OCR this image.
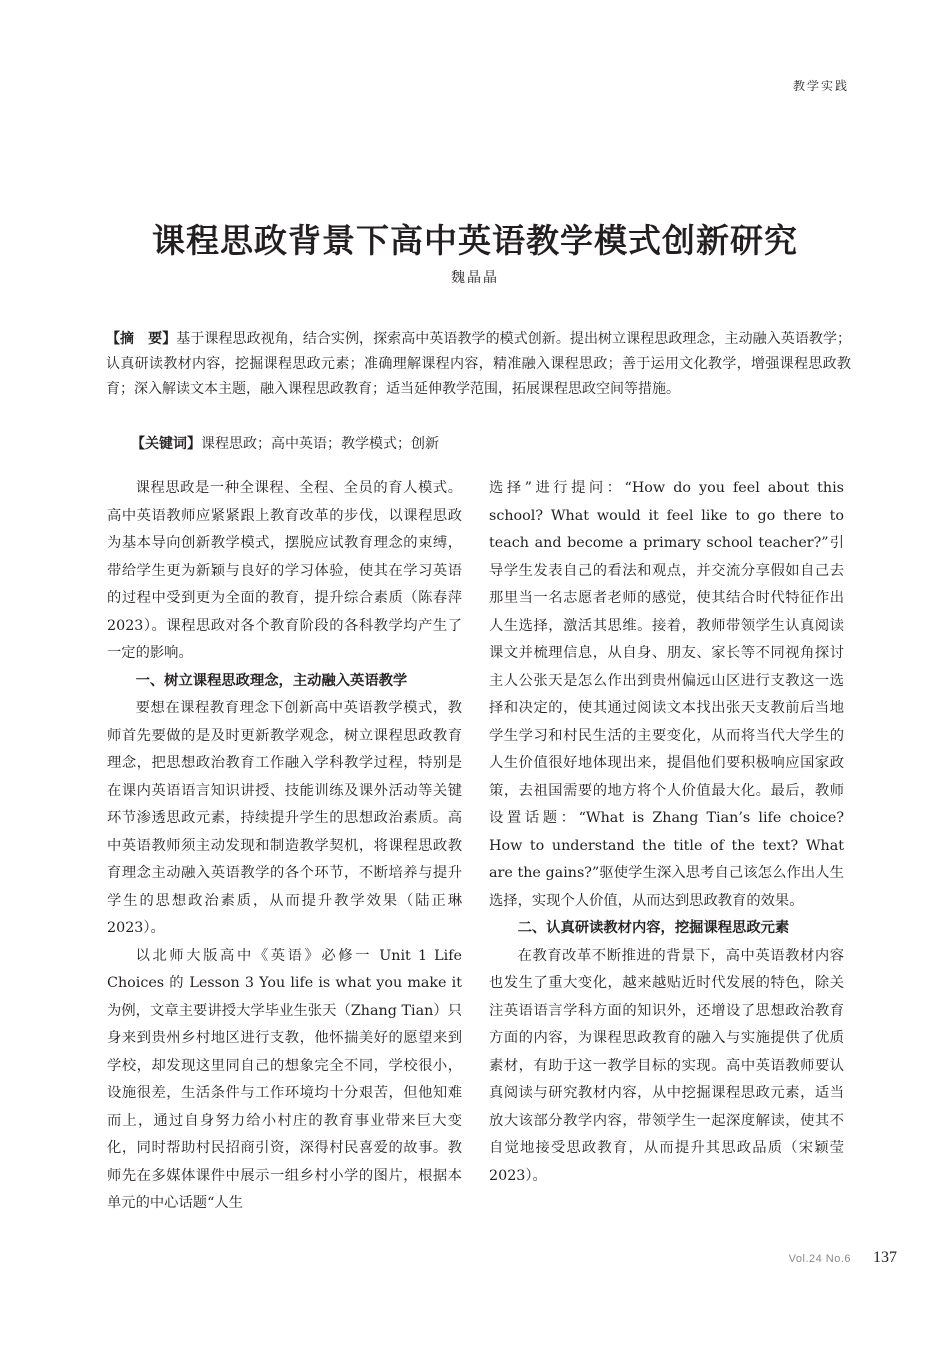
教学实践
课程思政背景下高中英语教学模式创新研究
魏晶晶

【摘　要】基于课程思政视角，结合实例，探索高中英语教学的模式创新。提出树立课程思政理念，主动融入英语教学；认真研读教材内容，挖掘课程思政元素；准确理解课程内容，精准融入课程思政；善于运用文化教学，增强课程思政教育；深入解读文本主题，融入课程思政教育；适当延伸教学范围，拓展课程思政空间等措施。

【关键词】课程思政；高中英语；教学模式；创新

课程思政是一种全课程、全程、全员的育人模式。高中英语教师应紧紧跟上教育改革的步伐，以课程思政为基本导向创新教学模式，摆脱应试教育理念的束缚，带给学生更为新颖与良好的学习体验，使其在学习英语的过程中受到更为全面的教育，提升综合素质（陈春萍 2023）。课程思政对各个教育阶段的各科教学均产生了一定的影响。

一、树立课程思政理念，主动融入英语教学

要想在课程教育理念下创新高中英语教学模式，教师首先要做的是及时更新教学观念，树立课程思政教育理念，把思想政治教育工作融入学科教学过程，特别是在课内英语语言知识讲授、技能训练及课外活动等关键环节渗透思政元素，持续提升学生的思想政治素质。高中英语教师须主动发现和制造教学契机，将课程思政教育理念主动融入英语教学的各个环节，不断培养与提升学生的思想政治素质，从而提升教学效果（陆正琳 2023）。

以北师大版高中《英语》必修一 Unit 1 Life Choices 的 Lesson 3 You life is what you make it 为例，文章主要讲授大学毕业生张天（Zhang Tian）只身来到贵州乡村地区进行支教，他怀揣美好的愿望来到学校，却发现这里同自己的想象完全不同，学校很小，设施很差，生活条件与工作环境均十分艰苦，但他知难而上，通过自身努力给小村庄的教育事业带来巨大变化，同时帮助村民招商引资，深得村民喜爱的故事。教师先在多媒体课件中展示一组乡村小学的图片，根据本单元的中心话题“人生

选择”进行提问：“How do you feel about this school? What would it feel like to go there to teach and become a primary school teacher?”引导学生发表自己的看法和观点，并交流分享假如自己去那里当一名志愿者老师的感觉，使其结合时代特征作出人生选择，激活其思维。接着，教师带领学生认真阅读课文并梳理信息，从自身、朋友、家长等不同视角探讨主人公张天是怎么作出到贵州偏远山区进行支教这一选择和决定的，使其通过阅读文本找出张天支教前后当地学生学习和村民生活的主要变化，从而将当代大学生的人生价值很好地体现出来，提倡他们要积极响应国家政策，去祖国需要的地方将个人价值最大化。最后，教师设置话题：“What is Zhang Tian’s life choice? How to understand the title of the text? What are the gains?”驱使学生深入思考自己该怎么作出人生选择，实现个人价值，从而达到思政教育的效果。

二、认真研读教材内容，挖掘课程思政元素

在教育改革不断推进的背景下，高中英语教材内容也发生了重大变化，越来越贴近时代发展的特色，除关注英语语言学科方面的知识外，还增设了思想政治教育方面的内容，为课程思政教育的融入与实施提供了优质素材，有助于这一教学目标的实现。高中英语教师要认真阅读与研究教材内容，从中挖掘课程思政元素，适当放大该部分教学内容，带领学生一起深度解读，使其不自觉地接受思政教育，从而提升其思政品质（宋颖莹 2023）。

Vol.24 No.6 137
